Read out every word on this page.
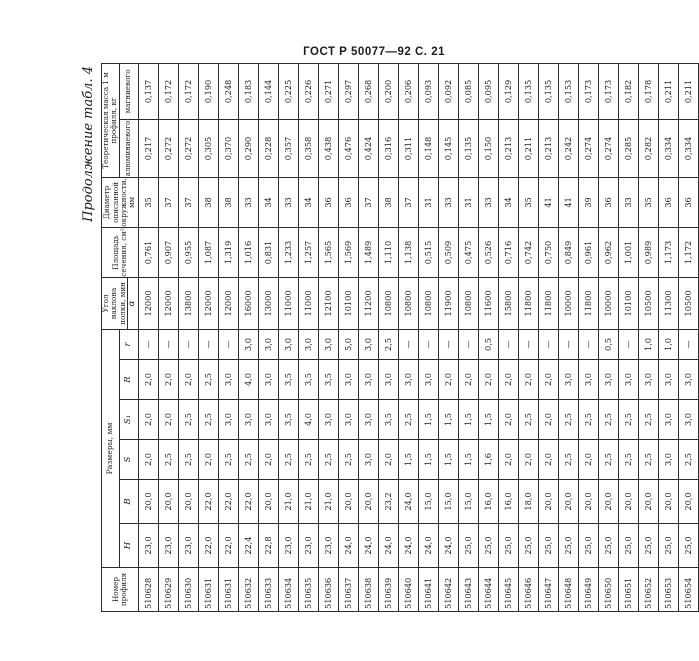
ГОСТ Р 50077—92 С. 21
Продолжение табл. 4
Номер профиля	Размеры, мм						Угол наклона полки, мин	Площадь сечения, см²	Диаметр описанной окружности, мм	Теоретическая масса 1 м профиля, кг	
	H	B	S	S₁	R	r				алюминиевого	магниевого
							α				
510628	23,0	20,0	2,0	2,0	2,0	—	12000	0,761	35	0,217	0,137
510629	23,0	20,0	2,5	2,0	2,0	—	12000	0,907	37	0,272	0,172
510630	23,0	20,0	2,5	2,5	2,0	—	13800	0,955	37	0,272	0,172
510631	22,0	22,0	2,0	2,5	2,5	—	12000	1,087	38	0,305	0,190
510631	22,0	22,0	2,5	3,0	3,0	—	12000	1,319	38	0,370	0,248
510632	22,4	22,0	2,5	3,0	4,0	3,0	16000	1,016	33	0,290	0,183
510633	22,8	20,0	2,0	3,0	3,0	3,0	13000	0,831	34	0,228	0,144
510634	23,0	21,0	2,5	3,5	3,5	3,0	11000	1,233	33	0,357	0,225
510635	23,0	21,0	2,5	4,0	3,5	3,0	11000	1,257	34	0,358	0,226
510636	23,0	21,0	2,5	3,0	3,5	3,0	12100	1,565	36	0,438	0,271
510637	24,0	20,0	2,5	3,0	3,0	5,0	10100	1,569	36	0,476	0,297
510638	24,0	20,0	3,0	3,0	3,0	3,0	11200	1,489	37	0,424	0,268
510639	24,0	23,2	2,0	3,5	3,0	2,5	10800	1,110	38	0,316	0,200
510640	24,0	24,0	1,5	2,5	3,0	—	10800	1,138	37	0,311	0,206
510641	24,0	15,0	1,5	1,5	3,0	—	10800	0,515	31	0,148	0,093
510642	24,0	15,0	1,5	1,5	2,0	—	11900	0,509	33	0,145	0,092
510643	25,0	15,0	1,5	1,5	2,0	—	10800	0,475	31	0,135	0,085
510644	25,0	16,0	1,6	1,5	2,0	0,5	11600	0,526	33	0,150	0,095
510645	25,0	16,0	2,0	2,0	2,0	—	15800	0,716	34	0,213	0,129
510646	25,0	18,0	2,0	2,5	2,0	—	11800	0,742	35	0,211	0,135
510647	25,0	20,0	2,0	2,0	2,0	—	11800	0,750	41	0,213	0,135
510648	25,0	20,0	2,5	2,5	3,0	—	10000	0,849	41	0,242	0,153
510649	25,0	20,0	2,0	2,5	3,0	—	11800	0,961	39	0,274	0,173
510650	25,0	20,0	2,5	2,5	3,0	0,5	10000	0,962	36	0,274	0,173
510651	25,0	20,0	2,5	2,5	3,0	—	10100	1,001	33	0,285	0,182
510652	25,0	20,0	2,5	2,5	3,0	1,0	10500	0,989	35	0,282	0,178
510653	25,0	20,0	3,0	3,0	3,0	1,0	11300	1,173	36	0,334	0,211
510654	25,0	20,0	2,5	3,0	3,0	—	10500	1,172	36	0,334	0,211
